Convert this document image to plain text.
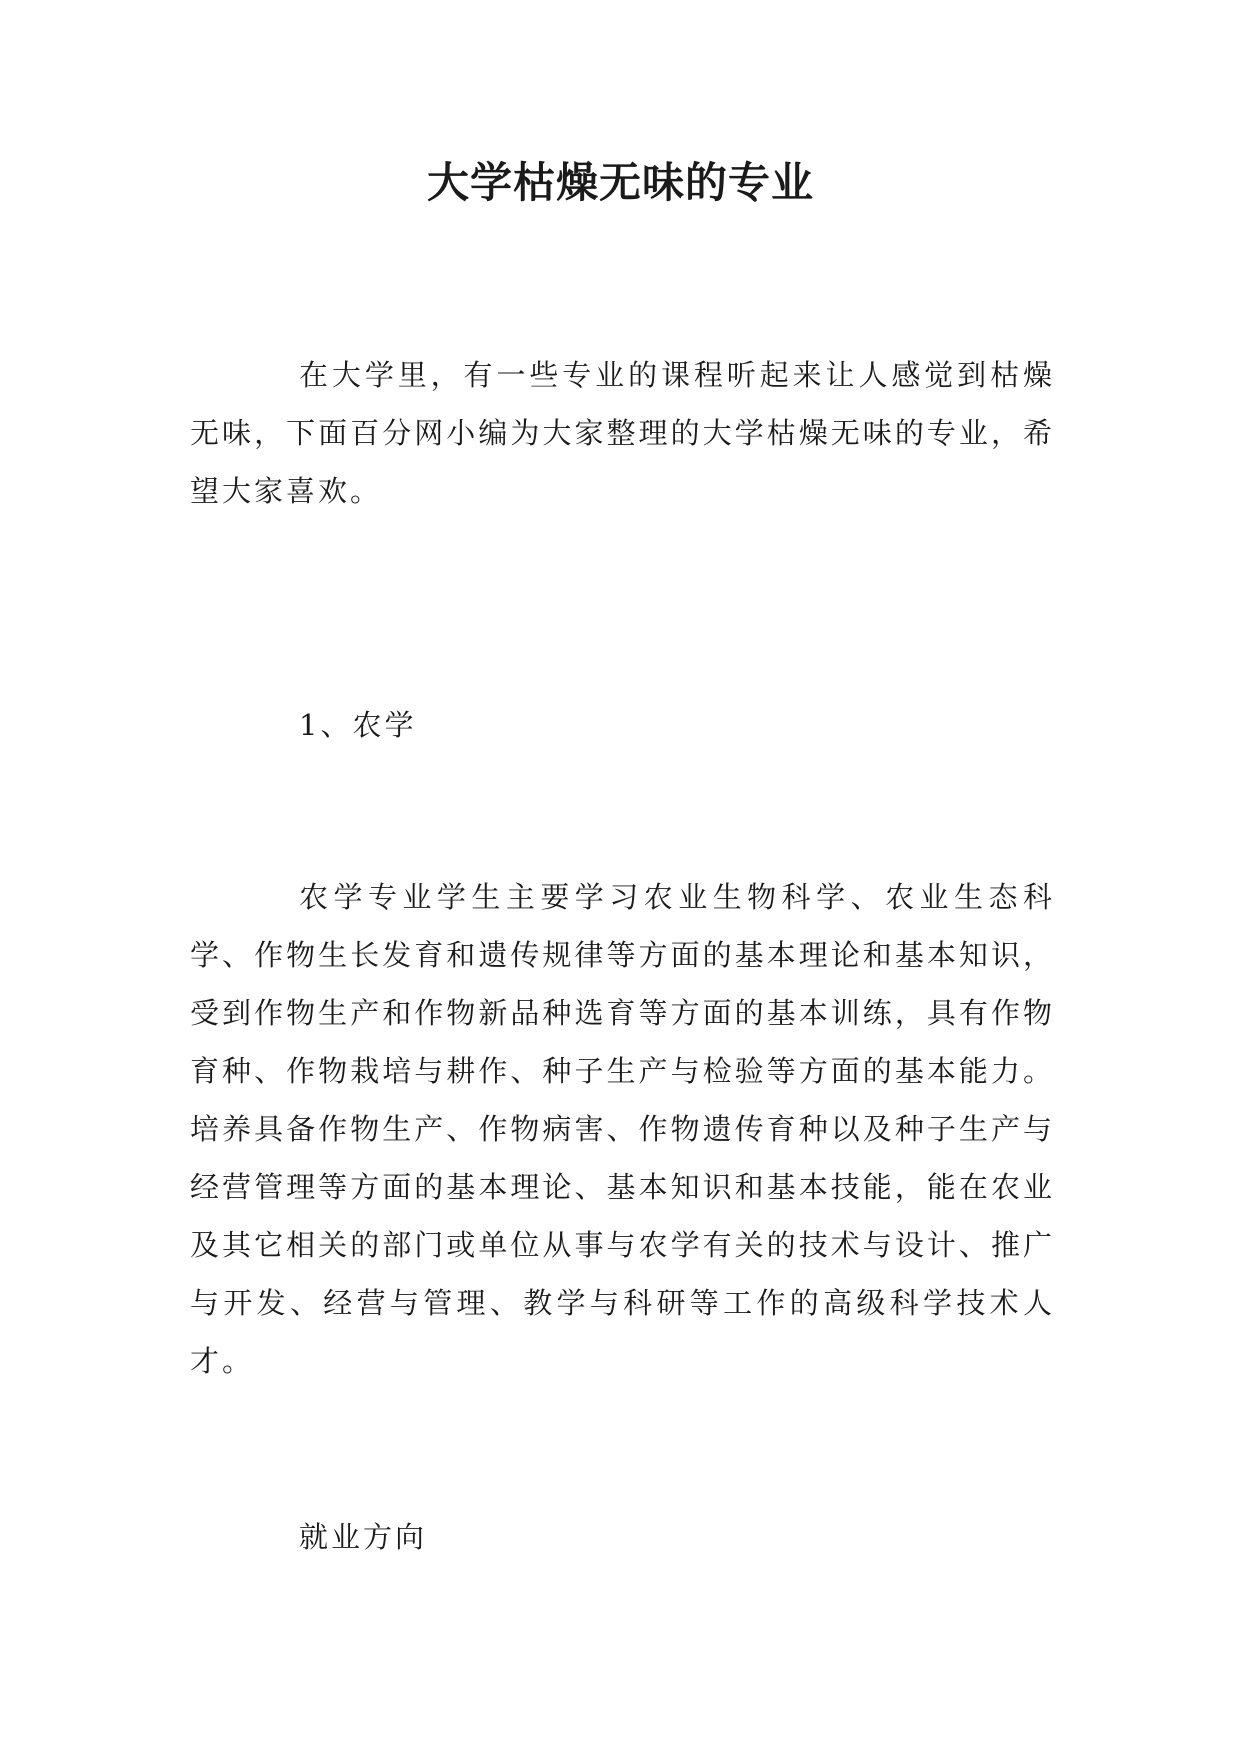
大学枯燥无味的专业

在大学里，有一些专业的课程听起来让人感觉到枯燥无味，下面百分网小编为大家整理的大学枯燥无味的专业，希望大家喜欢。

1、农学

农学专业学生主要学习农业生物科学、农业生态科学、作物生长发育和遗传规律等方面的基本理论和基本知识，受到作物生产和作物新品种选育等方面的基本训练，具有作物育种、作物栽培与耕作、种子生产与检验等方面的基本能力。培养具备作物生产、作物病害、作物遗传育种以及种子生产与经营管理等方面的基本理论、基本知识和基本技能，能在农业及其它相关的部门或单位从事与农学有关的技术与设计、推广与开发、经营与管理、教学与科研等工作的高级科学技术人才。

就业方向
